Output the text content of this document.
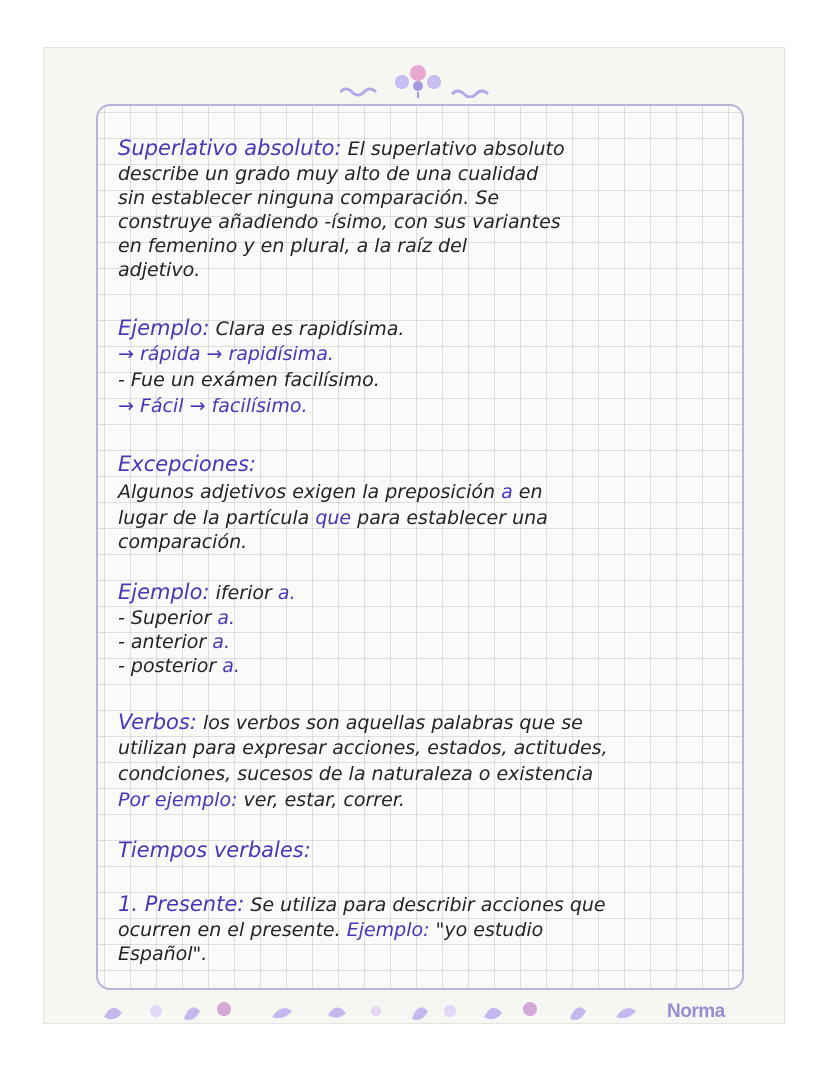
Superlativo absoluto: El superlativo absoluto
describe un grado muy alto de una cualidad
sin establecer ninguna comparación. Se
construye añadiendo -ísimo, con sus variantes
en femenino y en plural, a la raíz del
adjetivo.
Ejemplo: Clara es rapidísima.
→ rápida → rapidísima.
- Fue un exámen facilísimo.
→ Fácil → facilísimo.
Excepciones:
Algunos adjetivos exigen la preposición a en
lugar de la partícula que para establecer una
comparación.
Ejemplo: iferior a.
- Superior a.
- anterior a.
- posterior a.
Verbos: los verbos son aquellas palabras que se
utilizan para expresar acciones, estados, actitudes,
condciones, sucesos de la naturaleza o existencia
Por ejemplo: ver, estar, correr.
Tiempos verbales:
1. Presente: Se utiliza para describir acciones que
ocurren en el presente. Ejemplo: "yo estudio
Español".
Norma
